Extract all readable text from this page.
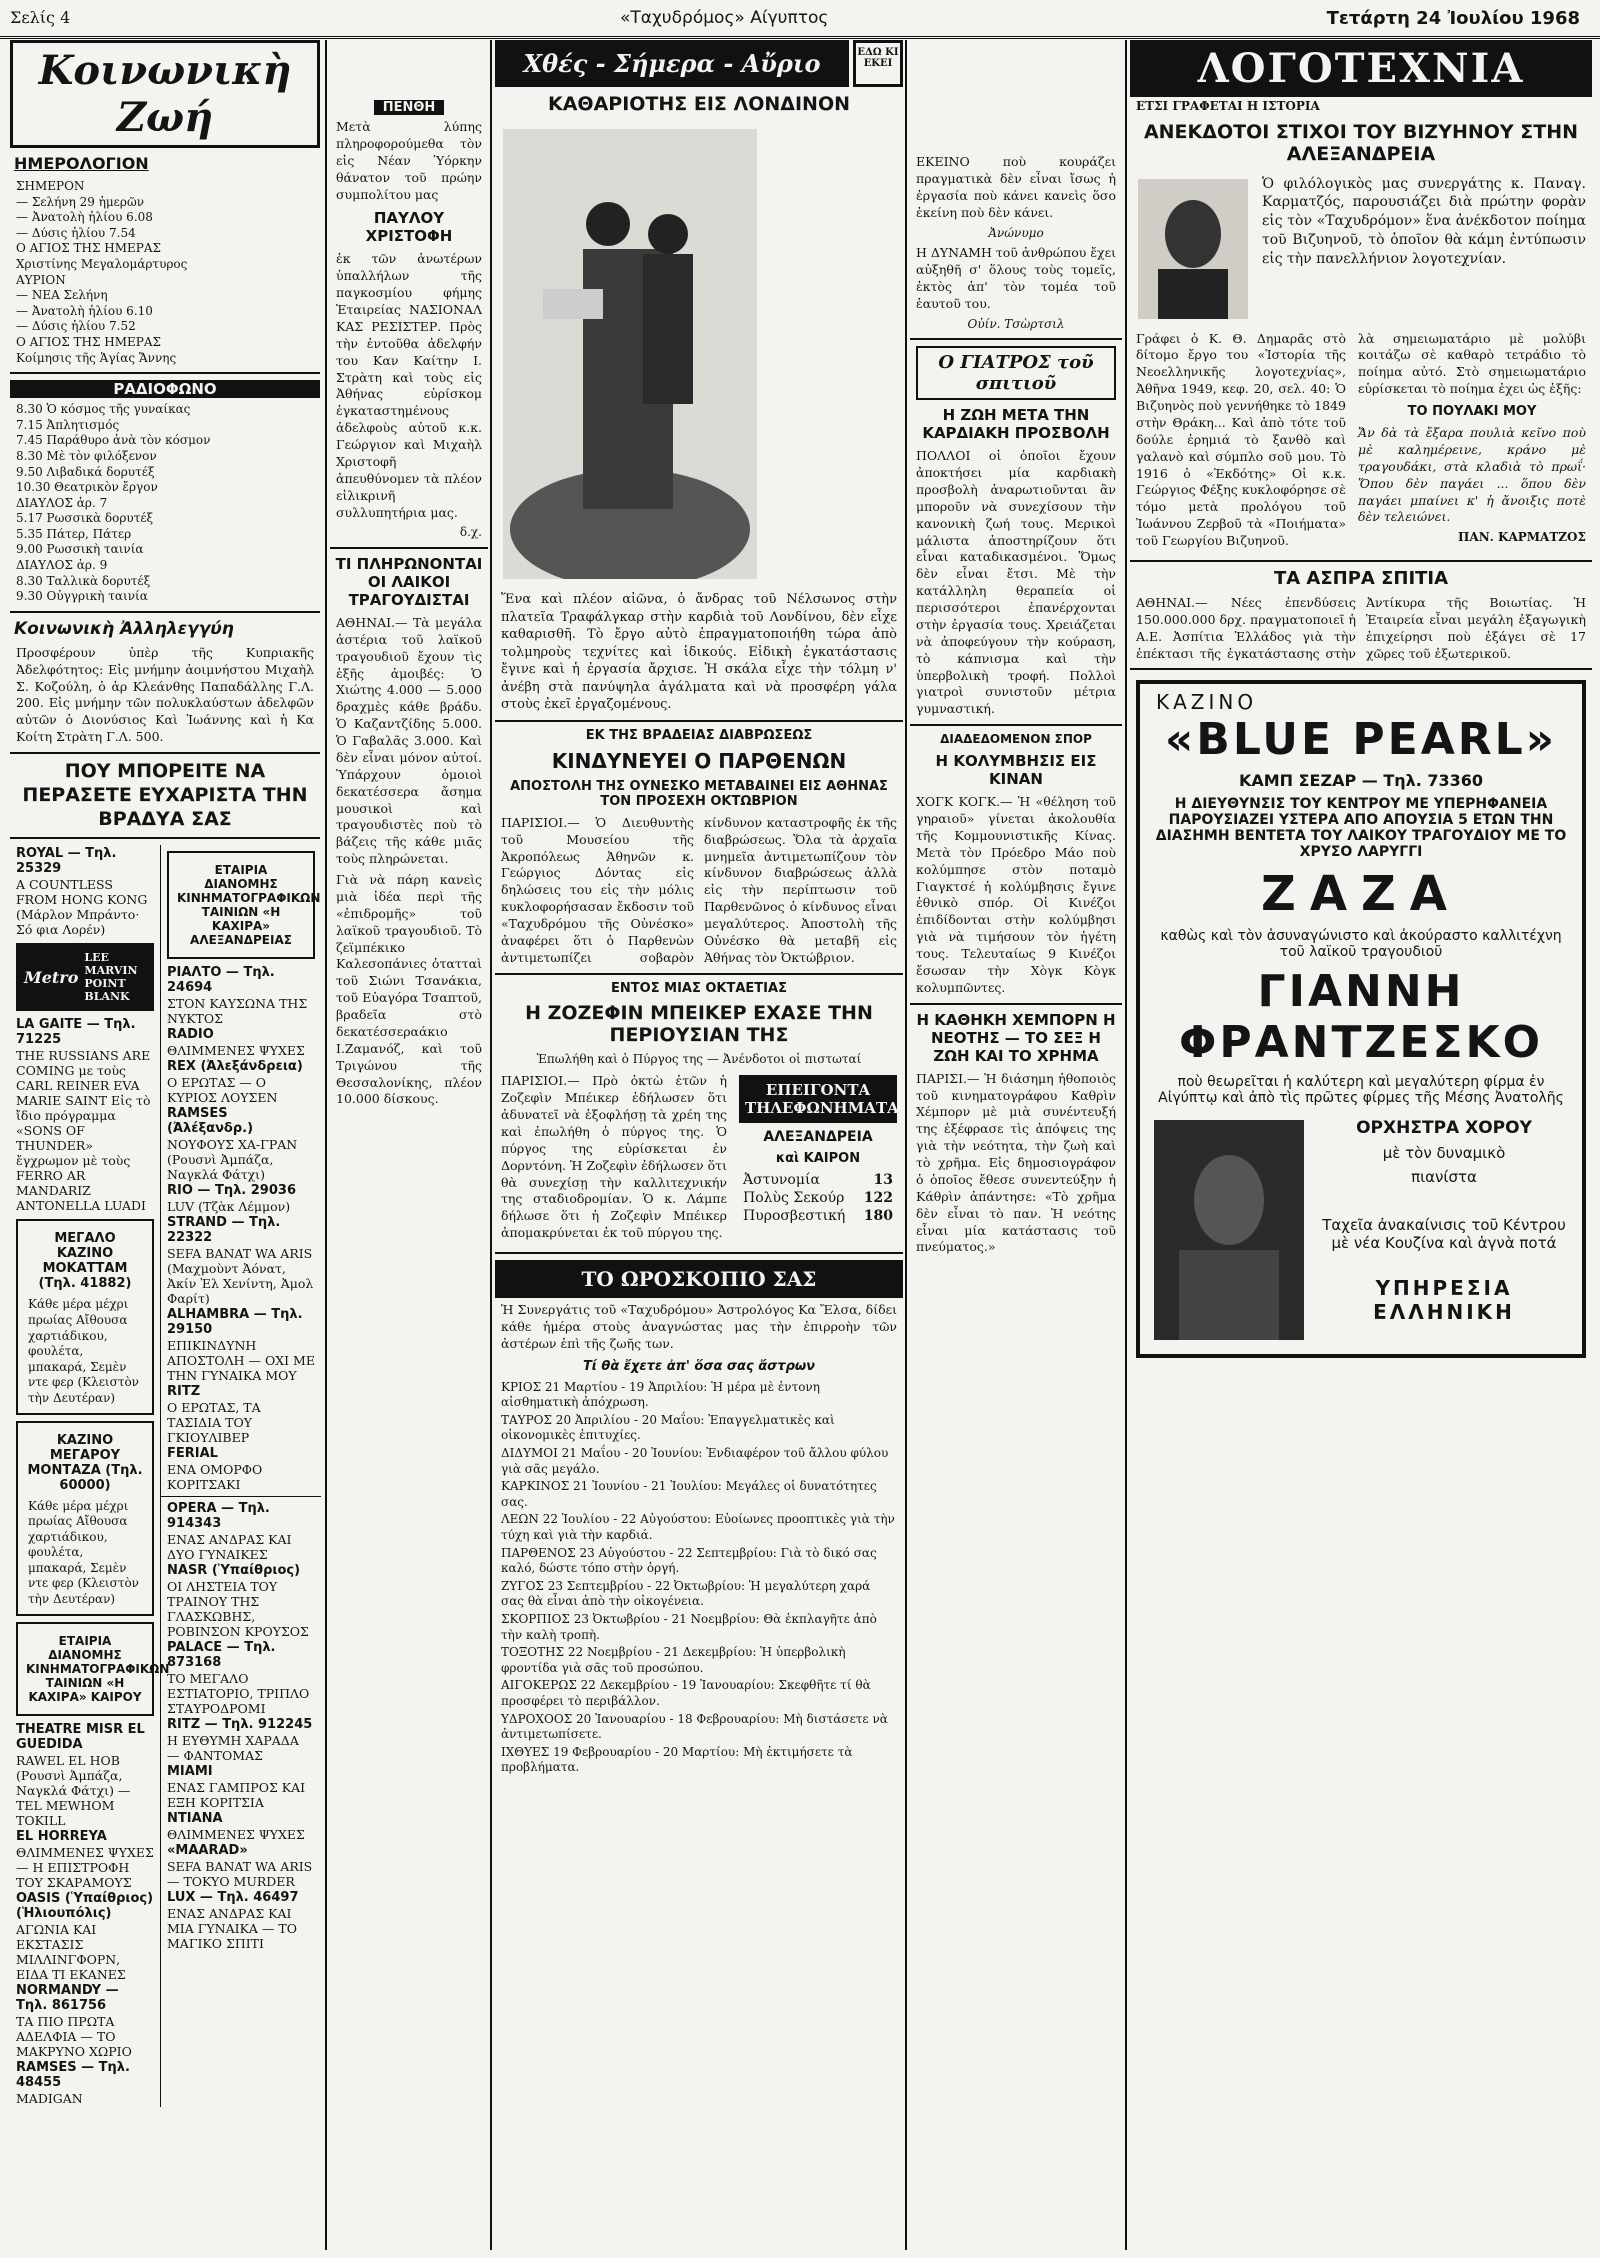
Σελίς 4	«Ταχυδρόμος» Αίγυπτος	Τετάρτη 24 Ἰουλίου 1968
Κοινωνικὴ Ζωή
ΗΜΕΡΟΛΟΓΙΟΝ
ΣΗΜΕΡΟΝ
— Σελήνη 29 ἡμερῶν
— Ἀνατολὴ ἡλίου 6.08
— Δύσις ἡλίου 7.54
Ο ΑΓΙΟΣ ΤΗΣ ΗΜΕΡΑΣ
Χριστίνης Μεγαλομάρτυρος
ΑΥΡΙΟΝ
— ΝΕΑ Σελήνη
— Ἀνατολὴ ἡλίου 6.10
— Δύσις ἡλίου 7.52
Ο ΑΓΙΟΣ ΤΗΣ ΗΜΕΡΑΣ
Κοίμησις τῆς Ἁγίας Ἄννης
ΡΑΔΙΟΦΩΝΟ
8.30 Ὁ κόσμος τῆς γυναίκας
7.15 Ἀπλητισμός
7.45 Παράθυρο ἀνὰ τὸν κόσμον
8.30 Μὲ τὸν φιλόξενον
9.50 Λιβαδικά δορυτέξ
10.30 Θεατρικὸν ἔργον
ΔΙΑΥΛΟΣ ἀρ. 7
5.17 Ρωσσικὰ δορυτέξ
5.35 Πάτερ, Πάτερ
9.00 Ρωσσικὴ ταινία
ΔΙΑΥΛΟΣ ἀρ. 9
8.30 Ταλλικὰ δορυτέξ
9.30 Οὐγγρικὴ ταινία
Κοινωνικὴ Ἀλληλεγγύη
Προσφέρουν ὑπὲρ τῆς Κυπριακῆς Ἀδελφότητος: Εἰς μνήμην ἀοιμνήστου Μιχαὴλ Σ. Κοζούλη, ὁ ἀρ Κλεάνθης Παπαδάλλης Γ.Λ. 200. Εἰς μνήμην τῶν πολυκλαύστων ἀδελφῶν αὐτῶν ὁ Διονύσιος Καὶ Ἰωάννης καὶ ἡ Κα Κοίτη Στρὰτη Γ.Λ. 500.
ΠΟΥ ΜΠΟΡΕΙΤΕ ΝΑ ΠΕΡΑΣΕΤΕ ΕΥΧΑΡΙΣΤΑ ΤΗΝ ΒΡΑΔΥΑ ΣΑΣ
ROYAL — Τηλ. 25329
A COUNTLESS FROM HONG KONG (Μάρλον Μπράντο· Σό φια Λορέν)
Metro
LEE MARVIN POINT BLANK
LA GAITE — Τηλ. 71225
THE RUSSIANS ARE COMING με τοὺς CARL REINER EVA MARIE SAINT Εἰς τὸ ἴδιο πρόγραμμα «SONS OF THUNDER» ἔγχρωμον μὲ τοὺς FERRO AR MANDARIZ ANTONELLA LUADI
ΜΕΓΑΛΟ ΚΑΖΙΝΟ ΜΟΚΑΤΤΑΜ (Τηλ. 41882)
Κάθε μέρα μέχρι πρωίας Αἴθουσα χαρτιάδικου, φουλέτα, μπακαρά, Σεμὲν ντε φερ (Κλειστὸν τὴν Δευτέραν)
ΚΑΖΙΝΟ ΜΕΓΑΡΟΥ ΜΟΝΤΑΖΑ (Τηλ. 60000)
Κάθε μέρα μέχρι πρωίας Αἴθουσα χαρτιάδικου, φουλέτα, μπακαρά, Σεμὲν ντε φερ (Κλειστὸν τὴν Δευτέραν)
ΕΤΑΙΡΙΑ ΔΙΑΝΟΜΗΣ ΚΙΝΗΜΑΤΟΓΡΑΦΙΚΩΝ ΤΑΙΝΙΩΝ «Η ΚΑΧΙΡΑ» ΚΑΙΡΟΥ
THEATRE MISR EL GUEDIDA
RAWEL EL HOB (Ρουσνὶ Ἀμπάζα, Ναγκλά Φάτχι) — TEL MEWHOM TOKILL
EL HORREYA
ΘΛΙΜΜΕΝΕΣ ΨΥΧΕΣ — Η ΕΠΙΣΤΡΟΦΗ ΤΟΥ ΣΚΑΡΑΜΟΥΣ
OASIS (Ὑπαίθριος) (Ἡλιουπόλις)
ΑΓΩΝΙΑ ΚΑΙ ΕΚΣΤΑΣΙΣ ΜΙΛΛΙΝΓΦΟΡΝ, ΕΙΔΑ ΤΙ ΕΚΑΝΕΣ
NORMANDY — Τηλ. 861756
ΤΑ ΠΙΟ ΠΡΩΤΑ ΑΔΕΛΦΙΑ — ΤΟ ΜΑΚΡΥΝΟ ΧΩΡΙΟ
RAMSES — Τηλ. 48455
MADIGAN
ΕΤΑΙΡΙΑ ΔΙΑΝΟΜΗΣ ΚΙΝΗΜΑΤΟΓΡΑΦΙΚΩΝ ΤΑΙΝΙΩΝ «Η ΚΑΧΙΡΑ» ΑΛΕΞΑΝΔΡΕΙΑΣ
ΡΙΑΛΤΟ — Τηλ. 24694
ΣΤΟΝ ΚΑΥΣΩΝΑ ΤΗΣ ΝΥΚΤΟΣ
RADIO
ΘΛΙΜΜΕΝΕΣ ΨΥΧΕΣ
REX (Ἀλεξάνδρεια)
Ο ΕΡΩΤΑΣ — Ο ΚΥΡΙΟΣ ΛΟΥΣΕΝ
RAMSES (Ἀλέξανδρ.)
ΝΟΥΦΟΥΣ ΧΑ-ΓΡΑΝ (Ρουσνὶ Ἀμπάζα, Ναγκλά Φάτχι)
RIO — Τηλ. 29036
LUV (Τζὰκ Λέμμον)
STRAND — Τηλ. 22322
SEFA BANAT WA ARIS (Μαχμοὺντ Ἀόνατ, Ἀκίν Ἐλ Χενίντη, Ἀμολ Φαρίτ)
ALHAMBRA — Τηλ. 29150
ΕΠΙΚΙΝΔΥΝΗ ΑΠΟΣΤΟΛΗ — ΟΧΙ ΜΕ ΤΗΝ ΓΥΝΑΙΚΑ ΜΟΥ
RITZ
Ο ΕΡΩΤΑΣ, ΤΑ ΤΑΣΙΔΙΑ ΤΟΥ ΓΚΙΟΥΛΙΒΕΡ
FERIAL
ΕΝΑ ΟΜΟΡΦΟ ΚΟΡΙΤΣΑΚΙ
OPERA — Τηλ. 914343
ΕΝΑΣ ΑΝΔΡΑΣ ΚΑΙ ΔΥΟ ΓΥΝΑΙΚΕΣ
NASR (Ὑπαίθριος)
ΟΙ ΛΗΣΤΕΙΑ ΤΟΥ ΤΡΑΙΝΟΥ ΤΗΣ ΓΛΑΣΚΩΒΗΣ, ΡΟΒΙΝΣΟΝ ΚΡΟΥΣΟΣ
PALACE — Τηλ. 873168
ΤΟ ΜΕΓΑΛΟ ΕΣΤΙΑΤΟΡΙΟ, ΤΡΙΠΛΟ ΣΤΑΥΡΟΔΡΟΜΙ
RITZ — Τηλ. 912245
Η ΕΥΘΥΜΗ ΧΑΡΑΔΑ — ΦΑΝΤΟΜΑΣ
MIAMI
ΕΝΑΣ ΓΑΜΠΡΟΣ ΚΑΙ ΕΞΗ ΚΟΡΙΤΣΙΑ
ΝΤΙΑΝΑ
ΘΛΙΜΜΕΝΕΣ ΨΥΧΕΣ
«MAARAD»
SEFA BANAT WA ARIS — TOKYO MURDER
LUX — Τηλ. 46497
ΕΝΑΣ ΑΝΔΡΑΣ ΚΑΙ ΜΙΑ ΓΥΝΑΙΚΑ — ΤΟ ΜΑΓΙΚΟ ΣΠΙΤΙ
ΠΕΝΘΗ
Μετὰ λύπης πληροφορούμεθα τὸν εἰς Νέαν Ὑόρκην θάνατον τοῦ πρώην συμπολίτου μας
ΠΑΥΛΟΥ ΧΡΙΣΤΟΦΗ
ἐκ τῶν ἀνωτέρων ὑπαλλήλων τῆς παγκοσμίου φήμης Ἑταιρείας ΝΑΣΙΟΝΑΛ ΚΑΣ ΡΕΣΙΣΤΕΡ. Πρὸς τὴν ἐντοῦθα ἀδελφήν του Καν Καίτην Ι. Στρὰτη καὶ τοὺς εἰς Ἀθήνας εὑρίσκομ ἐγκαταστημένους ἀδελφοὺς αὐτοῦ κ.κ. Γεώργιον καὶ Μιχαὴλ Χριστοφῆ ἀπευθύνομεν τὰ πλέον εἰλικρινῆ συλλυπητήρια μας.
δ.χ.
ΤΙ ΠΛΗΡΩΝΟΝΤΑΙ ΟΙ ΛΑΙΚΟΙ ΤΡΑΓΟΥΔΙΣΤΑΙ
ΑΘΗΝΑΙ.— Τὰ μεγάλα ἀστέρια τοῦ λαϊκοῦ τραγουδιοῦ ἔχουν τὶς ἑξῆς ἀμοιβές: Ὁ Χιώτης 4.000 — 5.000 δραχμὲς κάθε βράδυ. Ὁ Καζαντζίδης 5.000. Ὁ Γαβαλᾶς 3.000. Καὶ δὲν εἶναι μόνον αὐτοί. Ὑπάρχουν ὁμοιοὶ δεκατέσσερα ἄσημα μουσικοὶ καὶ τραγουδιστὲς ποὺ τὸ βάζεις τῆς κάθε μιᾶς τοὺς πληρώνεται.
Γιὰ νὰ πάρη κανεὶς μιὰ ἰδέα περὶ τῆς «ἐπιδρομῆς» τοῦ λαϊκοῦ τραγουδιοῦ. Τὸ ζεϊμπέκικο Καλεσοπάνιες ὀτατταὶ τοῦ Σιώνι Τσανάκια, τοῦ Εὐαγόρα Τσαπτοῦ, βραδεῖα στὸ δεκατέσσεραάκιο Ι.Ζαμανόζ, καὶ τοῦ Τριγώνου τῆς Θεσσαλονίκης, πλέον 10.000 δίσκους.
Χθές - Σήμερα - Αὔριο	ΕΔΩ ΚΙ ΕΚΕΙ
ΚΑΘΑΡΙΟΤΗΣ ΕΙΣ ΛΟΝΔΙΝΟΝ
Ἕνα καὶ πλέον αἰῶνα, ὁ ἄνδρας τοῦ Νέλσωνος στὴν πλατεῖα Τραφάλγκαρ στὴν καρδιὰ τοῦ Λονδίνου, δὲν εἶχε καθαρισθῆ. Τὸ ἔργο αὐτὸ ἐπραγματοποιήθη τώρα ἀπὸ τολμηροὺς τεχνίτες καὶ ἰδικούς. Εἰδικὴ ἐγκατάστασις ἔγινε καὶ ἡ ἐργασία ἄρχισε. Ἡ σκάλα εἶχε τὴν τόλμη ν' ἀνέβη στὰ πανύψηλα ἀγάλματα καὶ νὰ προσφέρη γάλα στοὺς ἐκεῖ ἐργαζομένους.
ΕΚ ΤΗΣ ΒΡΑΔΕΙΑΣ ΔΙΑΒΡΩΣΕΩΣ
ΚΙΝΔΥΝΕΥΕΙ Ο ΠΑΡΘΕΝΩΝ
ΑΠΟΣΤΟΛΗ ΤΗΣ ΟΥΝΕΣΚΟ ΜΕΤΑΒΑΙΝΕΙ ΕΙΣ ΑΘΗΝΑΣ ΤΟΝ ΠΡΟΣΕΧΗ ΟΚΤΩΒΡΙΟΝ
ΠΑΡΙΣΙΟΙ.— Ὁ Διευθυντὴς τοῦ Μουσείου τῆς Ἀκροπόλεως Ἀθηνῶν κ. Γεώργιος Δόντας εἰς δηλώσεις του εἰς τὴν μόλις κυκλοφορήσασαν ἔκδοσιν τοῦ «Ταχυδρόμου τῆς Οὐνέσκο» ἀναφέρει ὅτι ὁ Παρθενὼν ἀντιμετωπίζει σοβαρὸν κίνδυνον καταστροφῆς ἐκ τῆς διαβρώσεως. Ὅλα τὰ ἀρχαῖα μνημεῖα ἀντιμετωπίζουν τὸν κίνδυνον διαβρώσεως ἀλλὰ εἰς τὴν περίπτωσιν τοῦ Παρθενῶνος ὁ κίνδυνος εἶναι μεγαλύτερος. Ἀποστολὴ τῆς Οὐνέσκο θὰ μεταβῆ εἰς Ἀθήνας τὸν Ὀκτώβριον.
ΕΝΤΟΣ ΜΙΑΣ ΟΚΤΑΕΤΙΑΣ
Η ΖΟΖΕΦΙΝ ΜΠΕΙΚΕΡ ΕΧΑΣΕ ΤΗΝ ΠΕΡΙΟΥΣΙΑΝ ΤΗΣ
Ἐπωλήθη καὶ ὁ Πύργος της — Ἀνένδοτοι οἱ πιστωταί
ΠΑΡΙΣΙΟΙ.— Πρὸ ὀκτὼ ἐτῶν ἡ Ζοζεφὶν Μπέικερ ἐδήλωσεν ὅτι ἀδυνατεῖ νὰ ἐξοφλήσῃ τὰ χρέη της καὶ ἐπωλήθη ὁ πύργος της. Ὁ πύργος της εὑρίσκεται ἐν Δορντόνη. Ἡ Ζοζεφὶν ἐδήλωσεν ὅτι θὰ συνεχίσῃ τὴν καλλιτεχνικήν της σταδιοδρομίαν. Ὁ κ. Λάμπε δήλωσε ὅτι ἡ Ζοζεφὶν Μπέικερ ἀπομακρύνεται ἐκ τοῦ πύργου της.
ΕΠΕΙΓΟΝΤΑ ΤΗΛΕΦΩΝΗΜΑΤΑ
ΑΛΕΞΑΝΔΡΕΙΑ
καὶ ΚΑΙΡΟΝ
Ἀστυνομία	13
Πολὺς Σεκούρ 122
Πυροσβεστική 180
ΤΟ ΩΡΟΣΚΟΠΙΟ ΣΑΣ
Ἡ Συνεργάτις τοῦ «Ταχυδρόμου» Ἀστρολόγος Κα Ἔλσα, δίδει κάθε ἡμέρα στοὺς ἀναγνώστας μας τὴν ἐπιρροὴν τῶν ἀστέρων ἐπὶ τῆς ζωῆς των.
Τί θὰ ἔχετε ἀπ' ὅσα σας ἄστρων
ΚΡΙΟΣ 21 Μαρτίου - 19 Ἀπριλίου: Ἡ μέρα μὲ ἐντονη αἰσθηματικὴ ἀπόχρωση.
ΤΑΥΡΟΣ 20 Ἀπριλίου - 20 Μαΐου: Ἐπαγγελματικὲς καὶ οἰκονομικὲς ἐπιτυχίες.
ΔΙΔΥΜΟΙ 21 Μαΐου - 20 Ἰουνίου: Ἐνδιαφέρον τοῦ ἄλλου φύλου γιὰ σᾶς μεγάλο.
ΚΑΡΚΙΝΟΣ 21 Ἰουνίου - 21 Ἰουλίου: Μεγάλες οἱ δυνατότητες σας.
ΛΕΩΝ 22 Ἰουλίου - 22 Αὐγούστου: Εὐοίωνες προοπτικὲς γιὰ τὴν τύχη καὶ γιὰ τὴν καρδιά.
ΠΑΡΘΕΝΟΣ 23 Αὐγούστου - 22 Σεπτεμβρίου: Γιὰ τὸ δικό σας καλό, δώστε τόπο στὴν ὀργή.
ΖΥΓΟΣ 23 Σεπτεμβρίου - 22 Ὀκτωβρίου: Ἡ μεγαλύτερη χαρά σας θὰ εἶναι ἀπὸ τὴν οἰκογένεια.
ΣΚΟΡΠΙΟΣ 23 Ὀκτωβρίου - 21 Νοεμβρίου: Θὰ ἐκπλαγῆτε ἀπὸ τὴν καλὴ τροπὴ.
ΤΟΞΟΤΗΣ 22 Νοεμβρίου - 21 Δεκεμβρίου: Ἡ ὑπερβολικὴ φροντίδα γιὰ σᾶς τοῦ προσώπου.
ΑΙΓΟΚΕΡΩΣ 22 Δεκεμβρίου - 19 Ἰανουαρίου: Σκεφθῆτε τί θὰ προσφέρει τὸ περιβάλλον.
ΥΔΡΟΧΟΟΣ 20 Ἰανουαρίου - 18 Φεβρουαρίου: Μὴ διστάσετε νὰ ἀντιμετωπίσετε.
ΙΧΘΥΕΣ 19 Φεβρουαρίου - 20 Μαρτίου: Μὴ ἐκτιμήσετε τὰ προβλήματα.
ΕΚΕΙΝΟ ποὺ κουράζει πραγματικὰ δὲν εἶναι ἴσως ἡ ἐργασία ποὺ κάνει κανεὶς ὅσο ἐκείνη ποὺ δὲν κάνει.
Ἀνώνυμο
Η ΔΥΝΑΜΗ τοῦ ἀνθρώπου ἔχει αὐξηθῆ σ' ὅλους τοὺς τομεῖς, ἐκτὸς ἀπ' τὸν τομέα τοῦ ἑαυτοῦ του.
Οὐίν. Τσὼρτσιλ
Ο ΓΙΑΤΡΟΣ τοῦ σπιτιοῦ
Η ΖΩΗ ΜΕΤΑ ΤΗΝ ΚΑΡΔΙΑΚΗ ΠΡΟΣΒΟΛΗ
ΠΟΛΛΟΙ οἱ ὁποῖοι ἔχουν ἀποκτήσει μία καρδιακὴ προσβολὴ ἀναρωτιοῦνται ἂν μποροῦν νὰ συνεχίσουν τὴν κανονικὴ ζωή τους. Μερικοὶ μάλιστα ἀποστηρίζουν ὅτι εἶναι καταδικασμένοι. Ὅμως δὲν εἶναι ἔτσι. Μὲ τὴν κατάλληλη θεραπεία οἱ περισσότεροι ἐπανέρχονται στὴν ἐργασία τους. Χρειάζεται νὰ ἀποφεύγουν τὴν κούραση, τὸ κάπνισμα καὶ τὴν ὑπερβολικὴ τροφή. Πολλοὶ γιατροὶ συνιστοῦν μέτρια γυμναστική.
ΔΙΑΔΕΔΟΜΕΝΟΝ ΣΠΟΡ
Η ΚΟΛΥΜΒΗΣΙΣ ΕΙΣ ΚΙΝΑΝ
ΧΟΓΚ ΚΟΓΚ.— Ἡ «θέληση τοῦ γηραιοῦ» γίνεται ἀκολουθία τῆς Κομμουνιστικῆς Κίνας. Μετὰ τὸν Πρόεδρο Μάο ποὺ κολύμπησε στὸν ποταμὸ Γιαγκτσέ ἡ κολύμβησις ἔγινε ἐθνικὸ σπόρ. Οἱ Κινέζοι ἐπιδίδονται στὴν κολύμβησι γιὰ νὰ τιμήσουν τὸν ἡγέτη τους. Τελευταίως 9 Κινέζοι ἔσωσαν τὴν Χὸγκ Κὸγκ κολυμπῶντες.
Η ΚΑΘΗΚΗ ΧΕΜΠΟΡΝ Η ΝΕΟΤΗΣ — ΤΟ ΣΕΞ Η ΖΩΗ ΚΑΙ ΤΟ ΧΡΗΜΑ
ΠΑΡΙΣΙ.— Ἡ διάσημη ἠθοποιὸς τοῦ κινηματογράφου Καθρὶν Χέμπορν μὲ μιὰ συνέντευξή της ἐξέφρασε τὶς ἀπόψεις της γιὰ τὴν νεότητα, τὴν ζωὴ καὶ τὸ χρῆμα. Εἰς δημοσιογράφον ὁ ὁποῖος ἔθεσε συνεντεύξην ἡ Κάθρὶν ἀπάντησε: «Τὸ χρῆμα δὲν εἶναι τὸ παν. Ἡ νεότης εἶναι μία κατάστασις τοῦ πνεύματος.»
ΛΟΓΟΤΕΧΝΙΑ
ΕΤΣΙ ΓΡΑΦΕΤΑΙ Η ΙΣΤΟΡΙΑ
ΑΝΕΚΔΟΤΟΙ ΣΤΙΧΟΙ ΤΟΥ ΒΙΖΥΗΝΟΥ ΣΤΗΝ ΑΛΕΞΑΝΔΡΕΙΑ
Ὁ φιλόλογικὸς μας συνεργάτης κ. Παναγ. Καρματζός, παρουσιάζει διὰ πρώτην φορὰν εἰς τὸν «Ταχυδρόμον» ἕνα ἀνέκδοτον ποίημα τοῦ Βιζυηνοῦ, τὸ ὁποῖον θὰ κάμη ἐντύπωσιν εἰς τὴν πανελλήνιον λογοτεχνίαν.
Γράφει ὁ Κ. Θ. Δημαρᾶς στὸ δίτομο ἔργο του «Ἱστορία τῆς Νεοελληνικῆς λογοτεχνίας», Ἀθῆνα 1949, κεφ. 20, σελ. 40: Ὁ Βιζυηνὸς ποὺ γεννήθηκε τὸ 1849 στὴν Θράκη... Καὶ ἀπὸ τότε τοῦ δούλε ἐρημιά τὸ ξανθὸ καὶ γαλανὸ καὶ σύμπλο σοῦ μου. Τὸ 1916 ὁ «Ἐκδότης» Οἱ κ.κ. Γεώργιος Φέξης κυκλοφόρησε σὲ τόμο μετὰ προλόγου τοῦ Ἰωάννου Ζερβοῦ τὰ «Ποιήματα» τοῦ Γεωργίου Βιζυηνοῦ.
λὰ σημειωματάριο μὲ μολύβι κοιτάζω σὲ καθαρὸ τετράδιο τὸ ποίημα αὐτό. Στὸ σημειωματάριο εὑρίσκεται τὸ ποίημα ἐχει ὡς ἑξῆς:
ΤΟ ΠΟΥΛΑΚΙ ΜΟΥ
Ἄν δὰ τὰ ἔξαρα πουλιὰ κεῖνο ποὺ μὲ καλημέρεινε, κράνο μὲ τραγουδάκι, στὰ κλαδιὰ τὸ πρωΐ· Ὅπου δὲν παγάει ... ὅπου δὲν παγάει μπαίνει κ' ἡ ἄνοιξις ποτὲ δὲν τελειώνει.
ΠΑΝ. ΚΑΡΜΑΤΖΟΣ
ΤΑ ΑΣΠΡΑ ΣΠΙΤΙΑ
ΑΘΗΝΑΙ.— Νέες ἐπενδύσεις 150.000.000 δρχ. πραγματοποιεῖ ἡ Α.Ε. Ἀσπίτια Ἑλλάδος γιὰ τὴν ἐπέκτασι τῆς ἐγκατάστασης στὴν Ἀντίκυρα τῆς Βοιωτίας. Ἡ Ἑταιρεία εἶναι μεγάλη ἐξαγωγικὴ ἐπιχείρησι ποὺ ἐξάγει σὲ 17 χῶρες τοῦ ἐξωτερικοῦ.
ΚΑΖΙΝΟ
«BLUE PEARL»
ΚΑΜΠ ΣΕΖΑΡ — Τηλ. 73360
Η ΔΙΕΥΘΥΝΣΙΣ ΤΟΥ ΚΕΝΤΡΟΥ ΜΕ ΥΠΕΡΗΦΑΝΕΙΑ ΠΑΡΟΥΣΙΑΖΕΙ ΥΣΤΕΡΑ ΑΠΟ ΑΠΟΥΣΙΑ 5 ΕΤΩΝ ΤΗΝ ΔΙΑΣΗΜΗ ΒΕΝΤΕΤΑ ΤΟΥ ΛΑΙΚΟΥ ΤΡΑΓΟΥΔΙΟΥ ΜΕ ΤΟ ΧΡΥΣΟ ΛΑΡΥΓΓΙ
ΖΑΖΑ
καθὼς καὶ τὸν ἀσυναγώνιστο καὶ ἀκούραστο καλλιτέχνη τοῦ λαϊκοῦ τραγουδιοῦ
ΓΙΑΝΝΗ
ΦΡΑΝΤΖΕΣΚΟ
ποὺ θεωρεῖται ἡ καλύτερη καὶ μεγαλύτερη φίρμα ἐν Αἰγύπτῳ καὶ ἀπὸ τὶς πρῶτες φίρμες τῆς Μέσης Ἀνατολῆς
ΟΡΧΗΣΤΡΑ ΧΟΡΟΥ
μὲ τὸν δυναμικὸ
πιανίστα
Ταχεῖα ἀνακαίνισις τοῦ Κέντρου μὲ νέα Κουζίνα καὶ ἁγνὰ ποτά
ΥΠΗΡΕΣΙΑ ΕΛΛΗΝΙΚΗ
